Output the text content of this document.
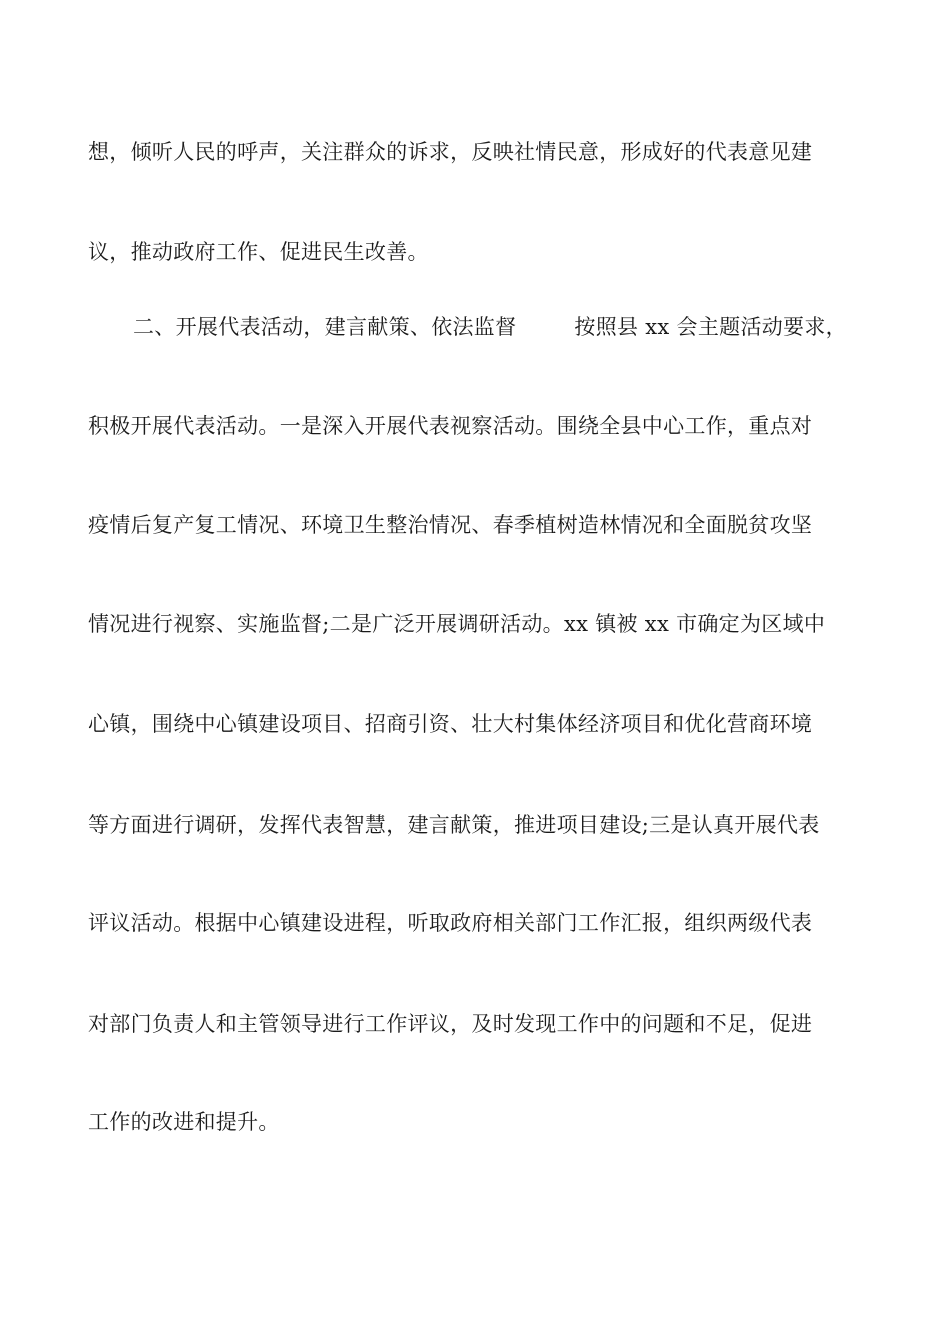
想，倾听人民的呼声，关注群众的诉求，反映社情民意，形成好的代表意见建
议，推动政府工作、促进民生改善。
二、开展代表活动，建言献策、依法监督	按照县 xx 会主题活动要求，
积极开展代表活动。一是深入开展代表视察活动。围绕全县中心工作，重点对
疫情后复产复工情况、环境卫生整治情况、春季植树造林情况和全面脱贫攻坚
情况进行视察、实施监督;二是广泛开展调研活动。xx 镇被 xx 市确定为区域中
心镇，围绕中心镇建设项目、招商引资、壮大村集体经济项目和优化营商环境
等方面进行调研，发挥代表智慧，建言献策，推进项目建设;三是认真开展代表
评议活动。根据中心镇建设进程，听取政府相关部门工作汇报，组织两级代表
对部门负责人和主管领导进行工作评议，及时发现工作中的问题和不足，促进
工作的改进和提升。
